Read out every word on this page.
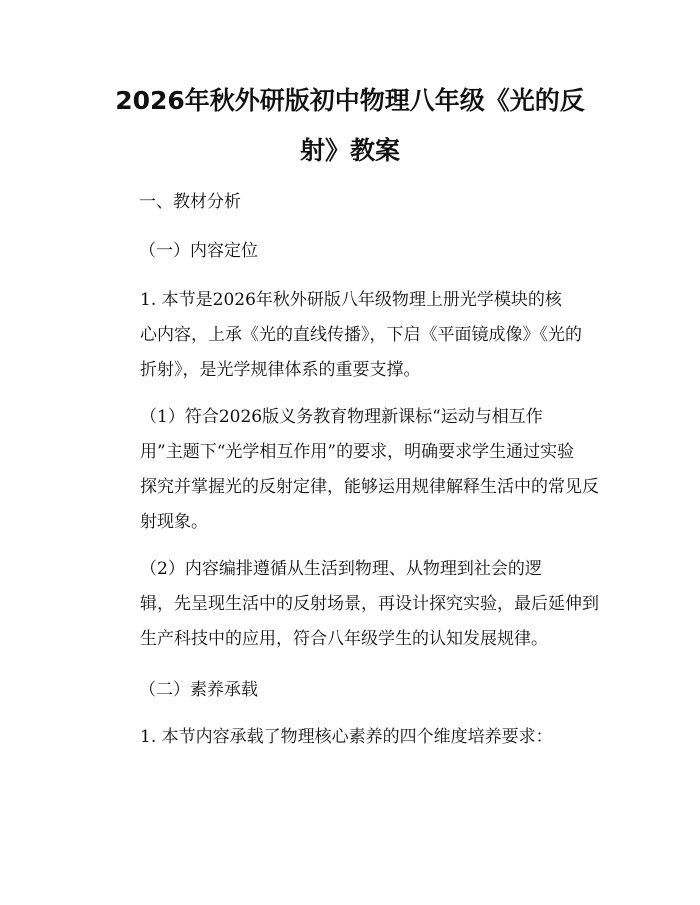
2026年秋外研版初中物理八年级《光的反
射》教案
一、教材分析
（一）内容定位
1. 本节是2026年秋外研版八年级物理上册光学模块的核
心内容，上承《光的直线传播》，下启《平面镜成像》《光的
折射》，是光学规律体系的重要支撑。
（1）符合2026版义务教育物理新课标“运动与相互作
用”主题下“光学相互作用”的要求，明确要求学生通过实验
探究并掌握光的反射定律，能够运用规律解释生活中的常见反
射现象。
（2）内容编排遵循从生活到物理、从物理到社会的逻
辑，先呈现生活中的反射场景，再设计探究实验，最后延伸到
生产科技中的应用，符合八年级学生的认知发展规律。
（二）素养承载
1. 本节内容承载了物理核心素养的四个维度培养要求：
